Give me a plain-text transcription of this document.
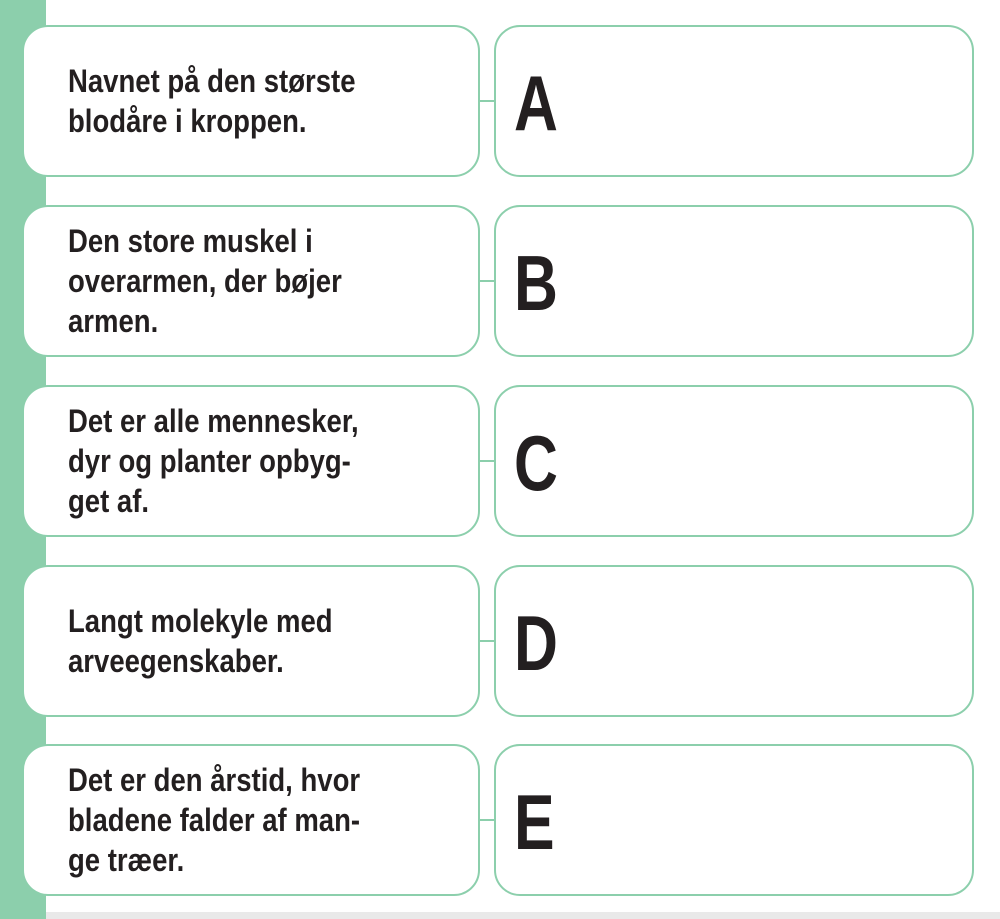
Navnet på den største
blodåre i kroppen.	A
Den store muskel i
overarmen, der bøjer
armen.	B
Det er alle mennesker,
dyr og planter opbyg-
get af.	C
Langt molekyle med
arveegenskaber.	D
Det er den årstid, hvor
bladene falder af man-
ge træer.	E
